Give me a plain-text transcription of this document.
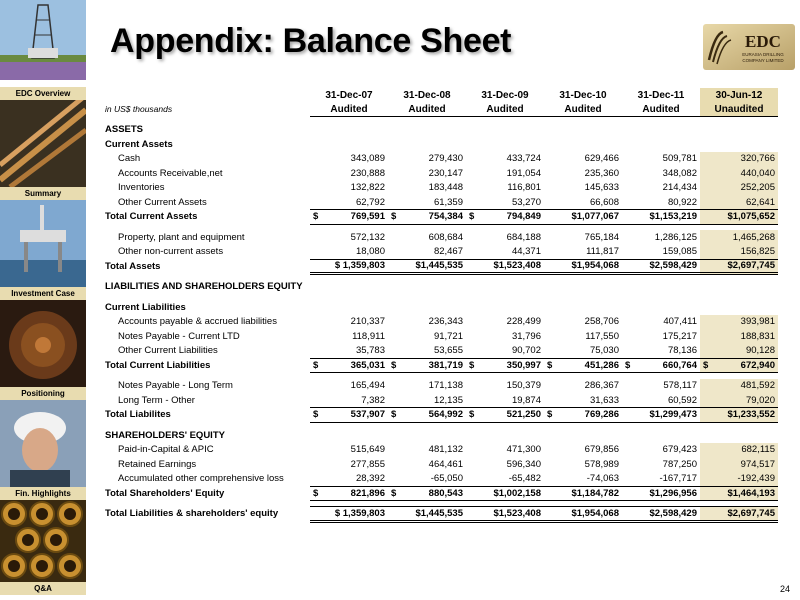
EDC Overview
Summary
Investment Case
Positioning
Fin. Highlights
Q&A
Appendix: Balance Sheet	EDC
EURASIA DRILLING
COMPANY LIMITED
	31-Dec-07	31-Dec-08	31-Dec-09	31-Dec-10	31-Dec-11	30-Jun-12
in US$ thousands	Audited	Audited	Audited	Audited	Audited	Unaudited

ASSETS						
Current Assets						
Cash	343,089	279,430	433,724	629,466	509,781	320,766
Accounts Receivable,net	230,888	230,147	191,054	235,360	348,082	440,040
Inventories	132,822	183,448	116,801	145,633	214,434	252,205
Other Current Assets	62,792	61,359	53,270	66,608	80,922	62,641
Total Current Assets	$ 769,591	$ 754,384	$ 794,849	$1,077,067	$1,153,219	$1,075,652

Property, plant and equipment	572,132	608,684	684,188	765,184	1,286,125	1,465,268
Other non-current assets	18,080	82,467	44,371	111,817	159,085	156,825
Total Assets	$ 1,359,803	$1,445,535	$1,523,408	$1,954,068	$2,598,429	$2,697,745

LIABILITIES AND SHAREHOLDERS EQUITY						

Current Liabilities						
Accounts payable & accrued liabilities	210,337	236,343	228,499	258,706	407,411	393,981
Notes Payable - Current LTD	118,911	91,721	31,796	117,550	175,217	188,831
Other Current Liabilities	35,783	53,655	90,702	75,030	78,136	90,128
Total Current Liabilities	$ 365,031	$ 381,719	$ 350,997	$ 451,286	$ 660,764	$ 672,940

Notes Payable - Long Term	165,494	171,138	150,379	286,367	578,117	481,592
Long Term - Other	7,382	12,135	19,874	31,633	60,592	79,020
Total Liabilites	$ 537,907	$ 564,992	$ 521,250	$ 769,286	$1,299,473	$1,233,552

SHAREHOLDERS' EQUITY						
Paid-in-Capital & APIC	515,649	481,132	471,300	679,856	679,423	682,115
Retained Earnings	277,855	464,461	596,340	578,989	787,250	974,517
Accumulated other comprehensive loss	28,392	-65,050	-65,482	-74,063	-167,717	-192,439
Total Shareholders' Equity	$ 821,896	$ 880,543	$1,002,158	$1,184,782	$1,296,956	$1,464,193

Total Liabilities & shareholders' equity	$ 1,359,803	$1,445,535	$1,523,408	$1,954,068	$2,598,429	$2,697,745
24
